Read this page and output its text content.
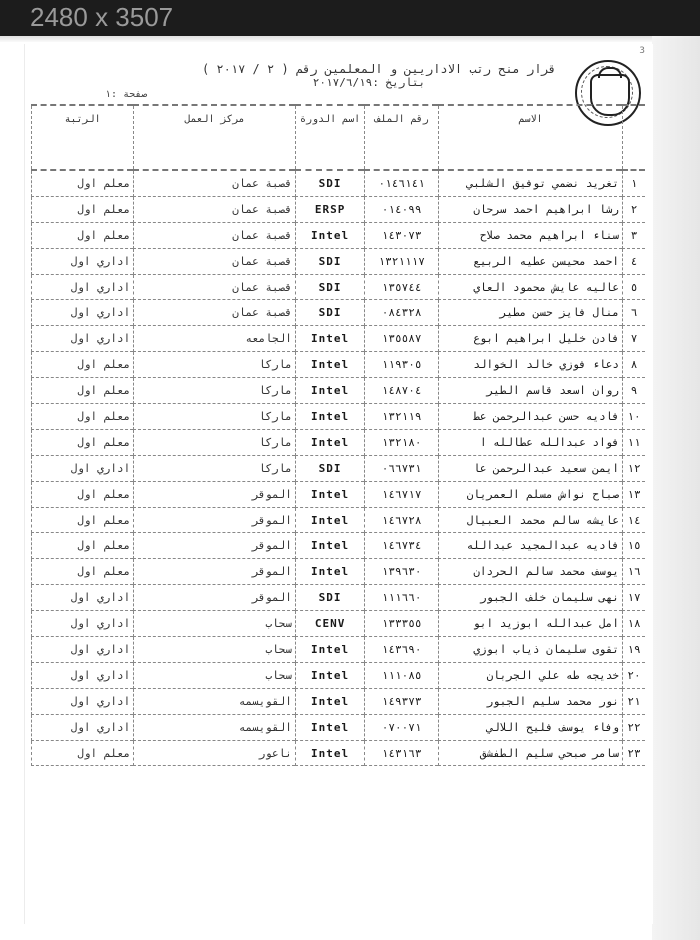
2480 x 3507
3
قرار منح رتب الاداريين و المعلمين رقم ( ٢ / ٢٠١٧ )
بتاريخ :٢٠١٧/٦/١٩
صفحة :١
	الاسم	رقم الملف	اسم الدورة	مركز العمل	الرتبة
١	تغريد نضمي توفيق الشلبي	٠١٤٦١٤١	SDI	قصبة عمان	معلم اول
٢	رشا ابراهيم احمد سرحان	٠١٤٠٩٩	ERSP	قصبة عمان	معلم اول
٣	سناء ابراهيم محمد صلاح	١٤٣٠٧٣	Intel	قصبة عمان	معلم اول
٤	احمد محيسن عطيه الربيع	١٣٢١١١٧	SDI	قصبة عمان	اداري اول
٥	عاليه عايش محمود العاي	١٣٥٧٤٤	SDI	قصبة عمان	اداري اول
٦	منال فايز حسن مطير	٠٨٤٣٢٨	SDI	قصبة عمان	اداري اول
٧	فادن خليل ابراهيم ابوع	١٣٥٥٨٧	Intel	الجامعه	اداري اول
٨	دعاء فوزي خالد الخوالد	١١٩٣٠٥	Intel	ماركا	معلم اول
٩	روان اسعد قاسم الطير	١٤٨٧٠٤	Intel	ماركا	معلم اول
١٠	فاديه حسن عبدالرحمن عط	١٣٢١١٩	Intel	ماركا	معلم اول
١١	فواد عبدالله عطالله ا	١٣٢١٨٠	Intel	ماركا	معلم اول
١٢	ايمن سعيد عبدالرحمن عا	٠٦٦٧٣١	SDI	ماركا	اداري اول
١٣	صباح نواش مسلم العمريان	١٤٦٧١٧	Intel	الموقر	معلم اول
١٤	عايشه سالم محمد العبيال	١٤٦٧٢٨	Intel	الموقر	معلم اول
١٥	فاديه عبدالمجيد عبدالله	١٤٦٧٣٤	Intel	الموقر	معلم اول
١٦	يوسف محمد سالم الحردان	١٣٩٦٣٠	Intel	الموقر	معلم اول
١٧	نهى سليمان خلف الجبور	١١١٦٦٠	SDI	الموقر	اداري اول
١٨	امل عبدالله ابوزيد ابو	١٣٣٣٥٥	CENV	سحاب	اداري اول
١٩	تقوى سليمان ذياب ابوزي	١٤٣٦٩٠	Intel	سحاب	اداري اول
٢٠	خديجه طه علي الجربان	١١١٠٨٥	Intel	سحاب	اداري اول
٢١	نور محمد سليم الجبور	١٤٩٣٧٣	Intel	القويسمه	اداري اول
٢٢	وفاء يوسف فليح اللالي	٠٧٠٠٧١	Intel	القويسمه	اداري اول
٢٣	سامر صبحي سليم الطفشق	١٤٣١٦٣	Intel	ناعور	معلم اول
